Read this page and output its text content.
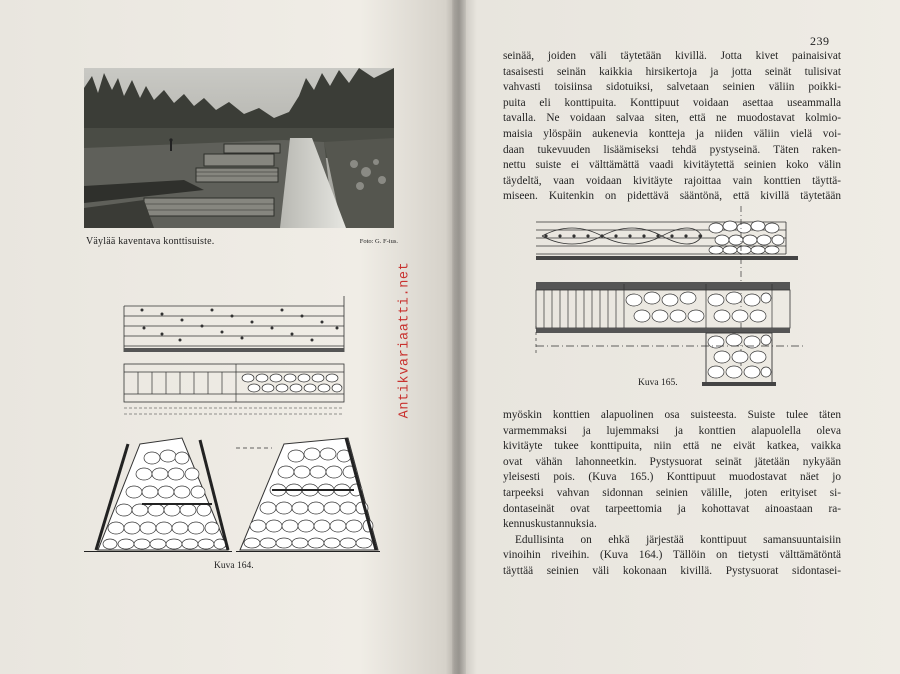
Väylää kaventava konttisuiste.	Foto: G. F-ius.
Antikvariaatti.net
Kuva 164.
239
seinää, joiden väli täytetään kivillä. Jotta kivet painaisivat
tasaisesti seinän kaikkia hirsikertoja ja jotta seinät tulisivat
vahvasti toisiinsa sidotuiksi, salvetaan seinien väliin poikki-
puita eli konttipuita. Konttipuut voidaan asettaa useammalla
tavalla. Ne voidaan salvaa siten, että ne muodostavat kolmio-
maisia ylöspäin aukenevia kontteja ja niiden väliin vielä voi-
daan tukevuuden lisäämiseksi tehdä pystyseinä. Täten raken-
nettu suiste ei välttämättä vaadi kivitäytettä seinien koko välin
täydeltä, vaan voidaan kivitäyte rajoittaa vain konttien täyttä-
miseen. Kuitenkin on pidettävä sääntönä, että kivillä täytetään
Kuva 165.
myöskin konttien alapuolinen osa suisteesta. Suiste tulee täten
varmemmaksi ja lujemmaksi ja konttien alapuolella oleva
kivitäyte tukee konttipuita, niin että ne eivät katkea, vaikka
ovat vähän lahonneetkin. Pystysuorat seinät jätetään nykyään
yleisesti pois. (Kuva 165.) Konttipuut muodostavat näet jo
tarpeeksi vahvan sidonnan seinien välille, joten erityiset si-
dontaseinät ovat tarpeettomia ja kohottavat ainoastaan ra-
kennuskustannuksia.
Edullisinta on ehkä järjestää konttipuut samansuuntaisiin
vinoihin riveihin. (Kuva 164.) Tällöin on tietysti välttämätöntä
täyttää seinien väli kokonaan kivillä. Pystysuorat sidontasei-
